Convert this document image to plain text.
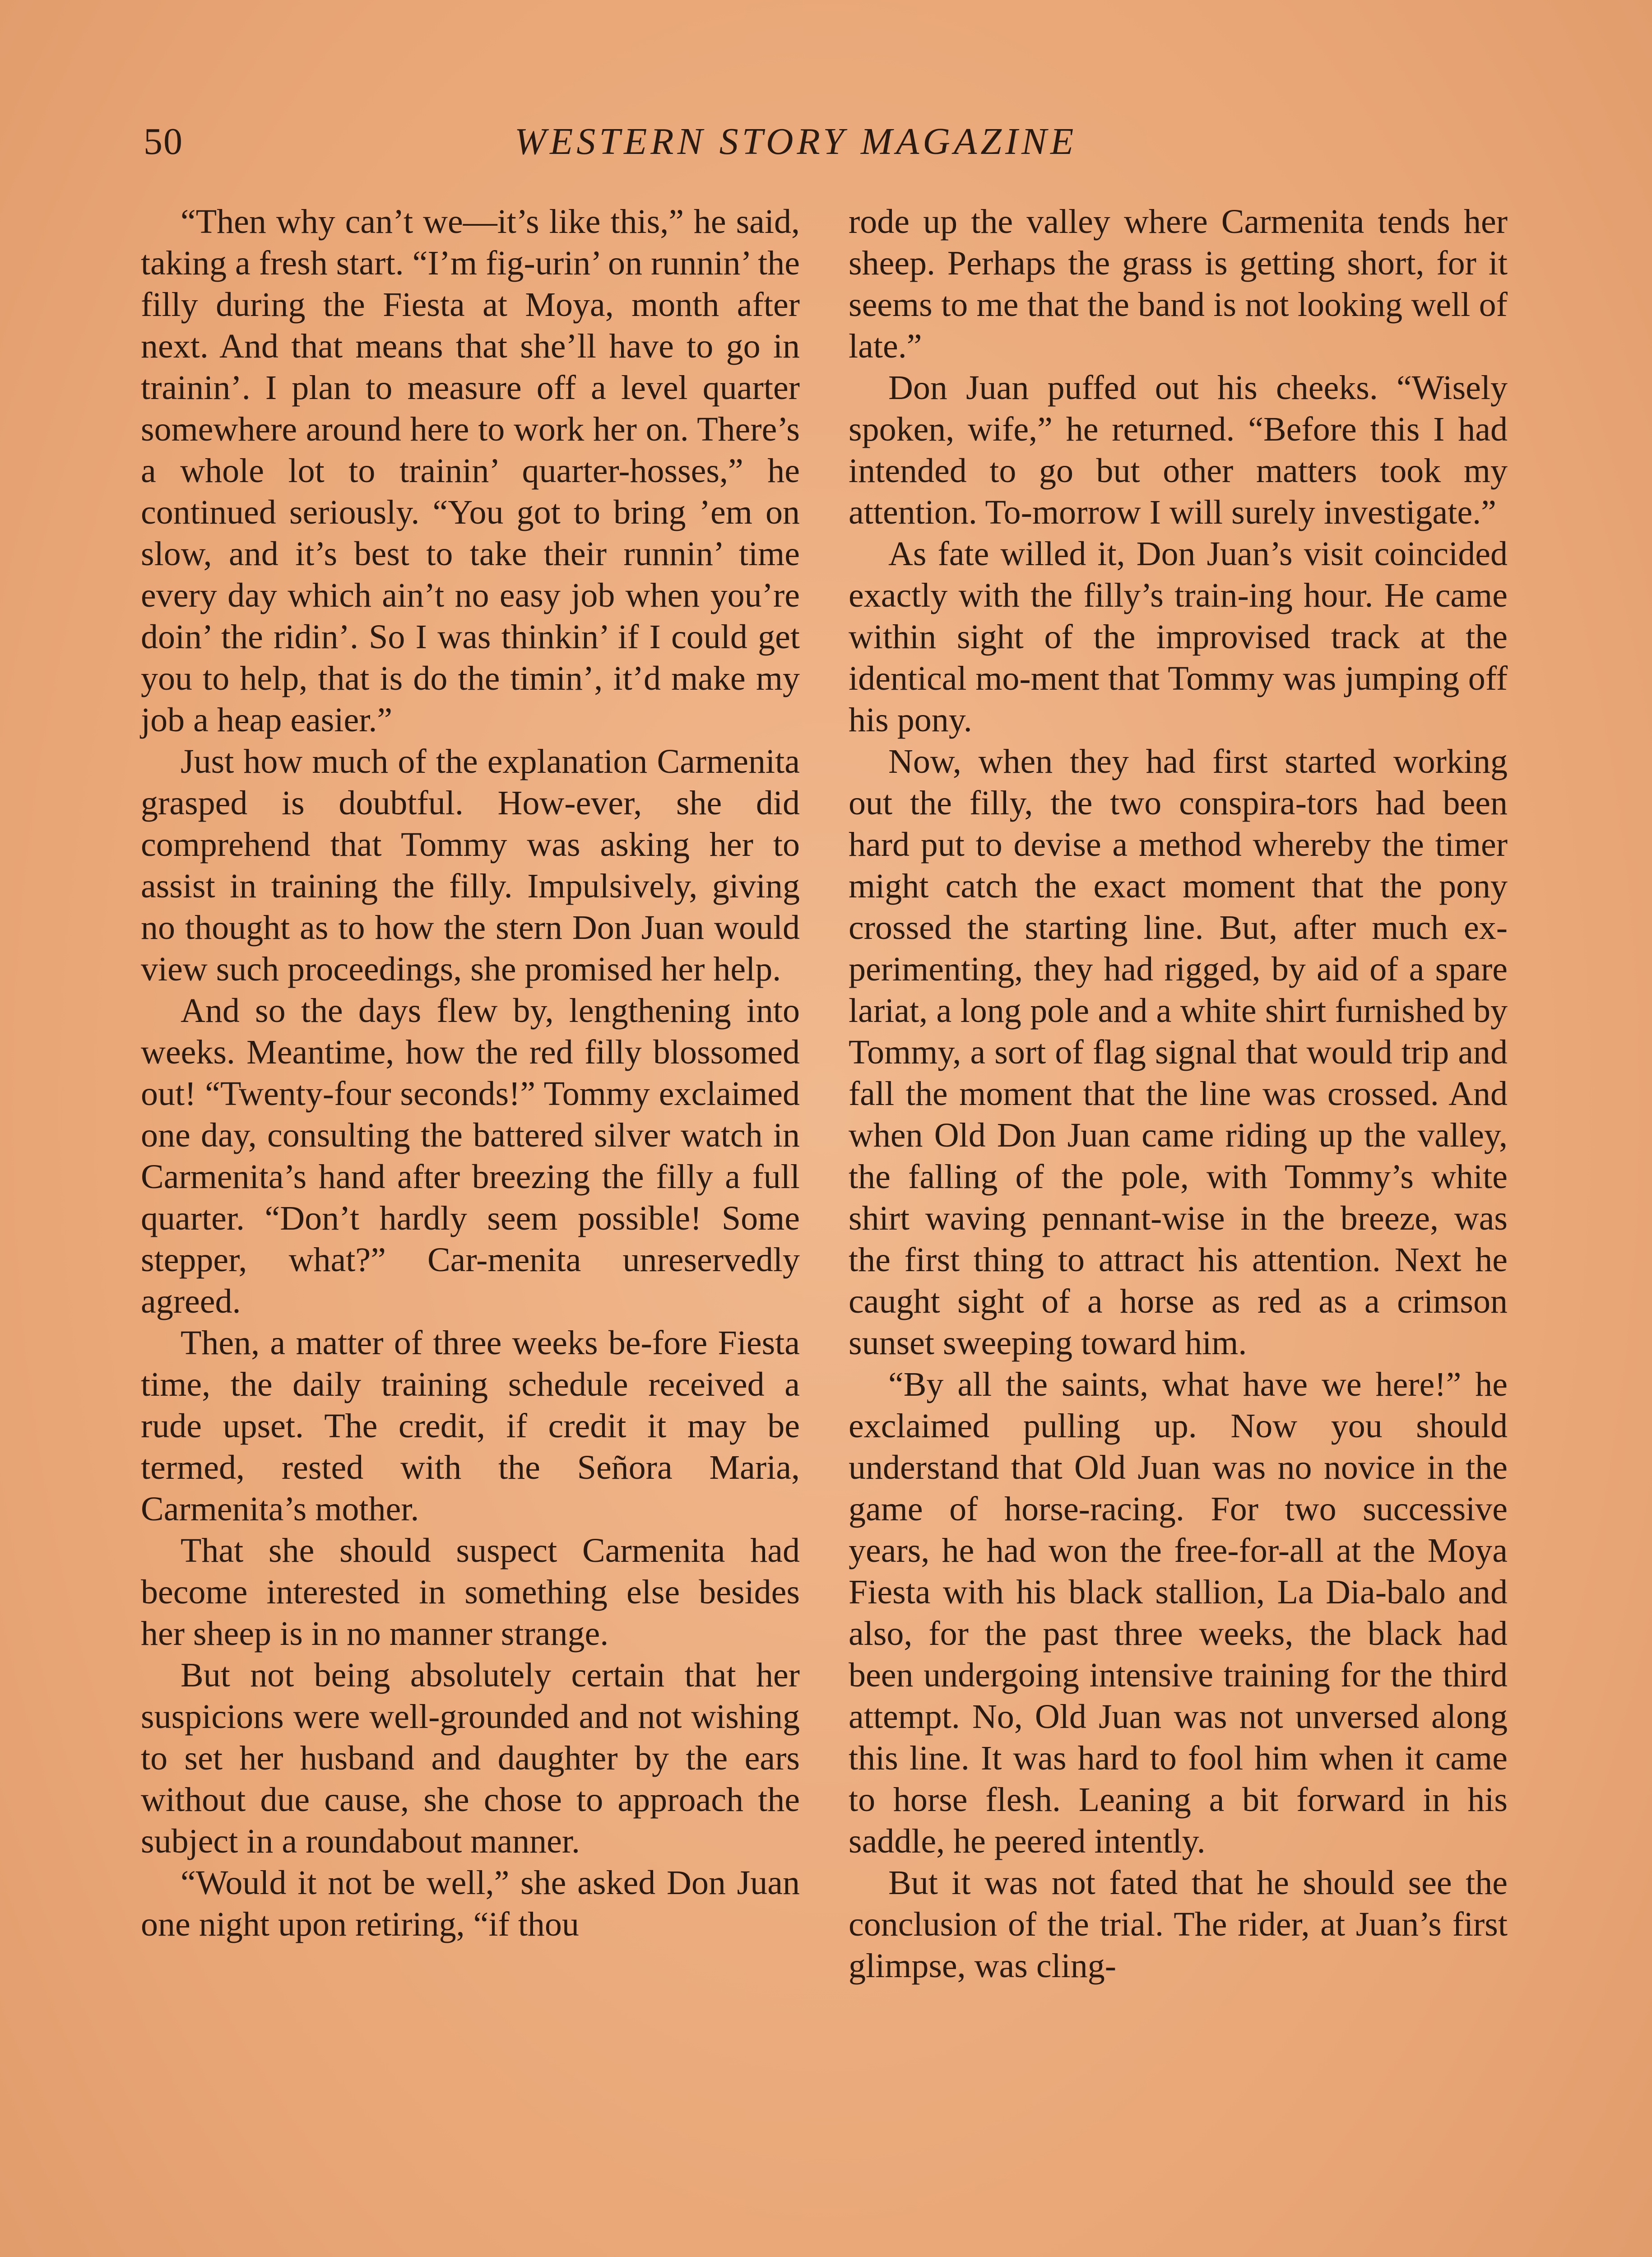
50	WESTERN STORY MAGAZINE

“Then why can’t we—it’s like this,” he said, taking a fresh start. “I’m fig-urin’ on runnin’ the filly during the Fiesta at Moya, month after next. And that means that she’ll have to go in trainin’. I plan to measure off a level quarter somewhere around here to work her on. There’s a whole lot to trainin’ quarter-hosses,” he continued seriously. “You got to bring ’em on slow, and it’s best to take their runnin’ time every day which ain’t no easy job when you’re doin’ the ridin’. So I was thinkin’ if I could get you to help, that is do the timin’, it’d make my job a heap easier.”

Just how much of the explanation Carmenita grasped is doubtful. How-ever, she did comprehend that Tommy was asking her to assist in training the filly. Impulsively, giving no thought as to how the stern Don Juan would view such proceedings, she promised her help.

And so the days flew by, lengthening into weeks. Meantime, how the red filly blossomed out! “Twenty-four seconds!” Tommy exclaimed one day, consulting the battered silver watch in Carmenita’s hand after breezing the filly a full quarter. “Don’t hardly seem possible! Some stepper, what?” Car-menita unreservedly agreed.

Then, a matter of three weeks be-fore Fiesta time, the daily training schedule received a rude upset. The credit, if credit it may be termed, rested with the Señora Maria, Carmenita’s mother.

That she should suspect Carmenita had become interested in something else besides her sheep is in no manner strange.

But not being absolutely certain that her suspicions were well-grounded and not wishing to set her husband and daughter by the ears without due cause, she chose to approach the subject in a roundabout manner.

“Would it not be well,” she asked Don Juan one night upon retiring, “if thou

rode up the valley where Carmenita tends her sheep. Perhaps the grass is getting short, for it seems to me that the band is not looking well of late.”

Don Juan puffed out his cheeks. “Wisely spoken, wife,” he returned. “Before this I had intended to go but other matters took my attention. To-morrow I will surely investigate.”

As fate willed it, Don Juan’s visit coincided exactly with the filly’s train-ing hour. He came within sight of the improvised track at the identical mo-ment that Tommy was jumping off his pony.

Now, when they had first started working out the filly, the two conspira-tors had been hard put to devise a method whereby the timer might catch the exact moment that the pony crossed the starting line. But, after much ex-perimenting, they had rigged, by aid of a spare lariat, a long pole and a white shirt furnished by Tommy, a sort of flag signal that would trip and fall the moment that the line was crossed. And when Old Don Juan came riding up the valley, the falling of the pole, with Tommy’s white shirt waving pennant-wise in the breeze, was the first thing to attract his attention. Next he caught sight of a horse as red as a crimson sunset sweeping toward him.

“By all the saints, what have we here!” he exclaimed pulling up. Now you should understand that Old Juan was no novice in the game of horse-racing. For two successive years, he had won the free-for-all at the Moya Fiesta with his black stallion, La Dia-balo and also, for the past three weeks, the black had been undergoing intensive training for the third attempt. No, Old Juan was not unversed along this line. It was hard to fool him when it came to horse flesh. Leaning a bit forward in his saddle, he peered intently.

But it was not fated that he should see the conclusion of the trial. The rider, at Juan’s first glimpse, was cling-
